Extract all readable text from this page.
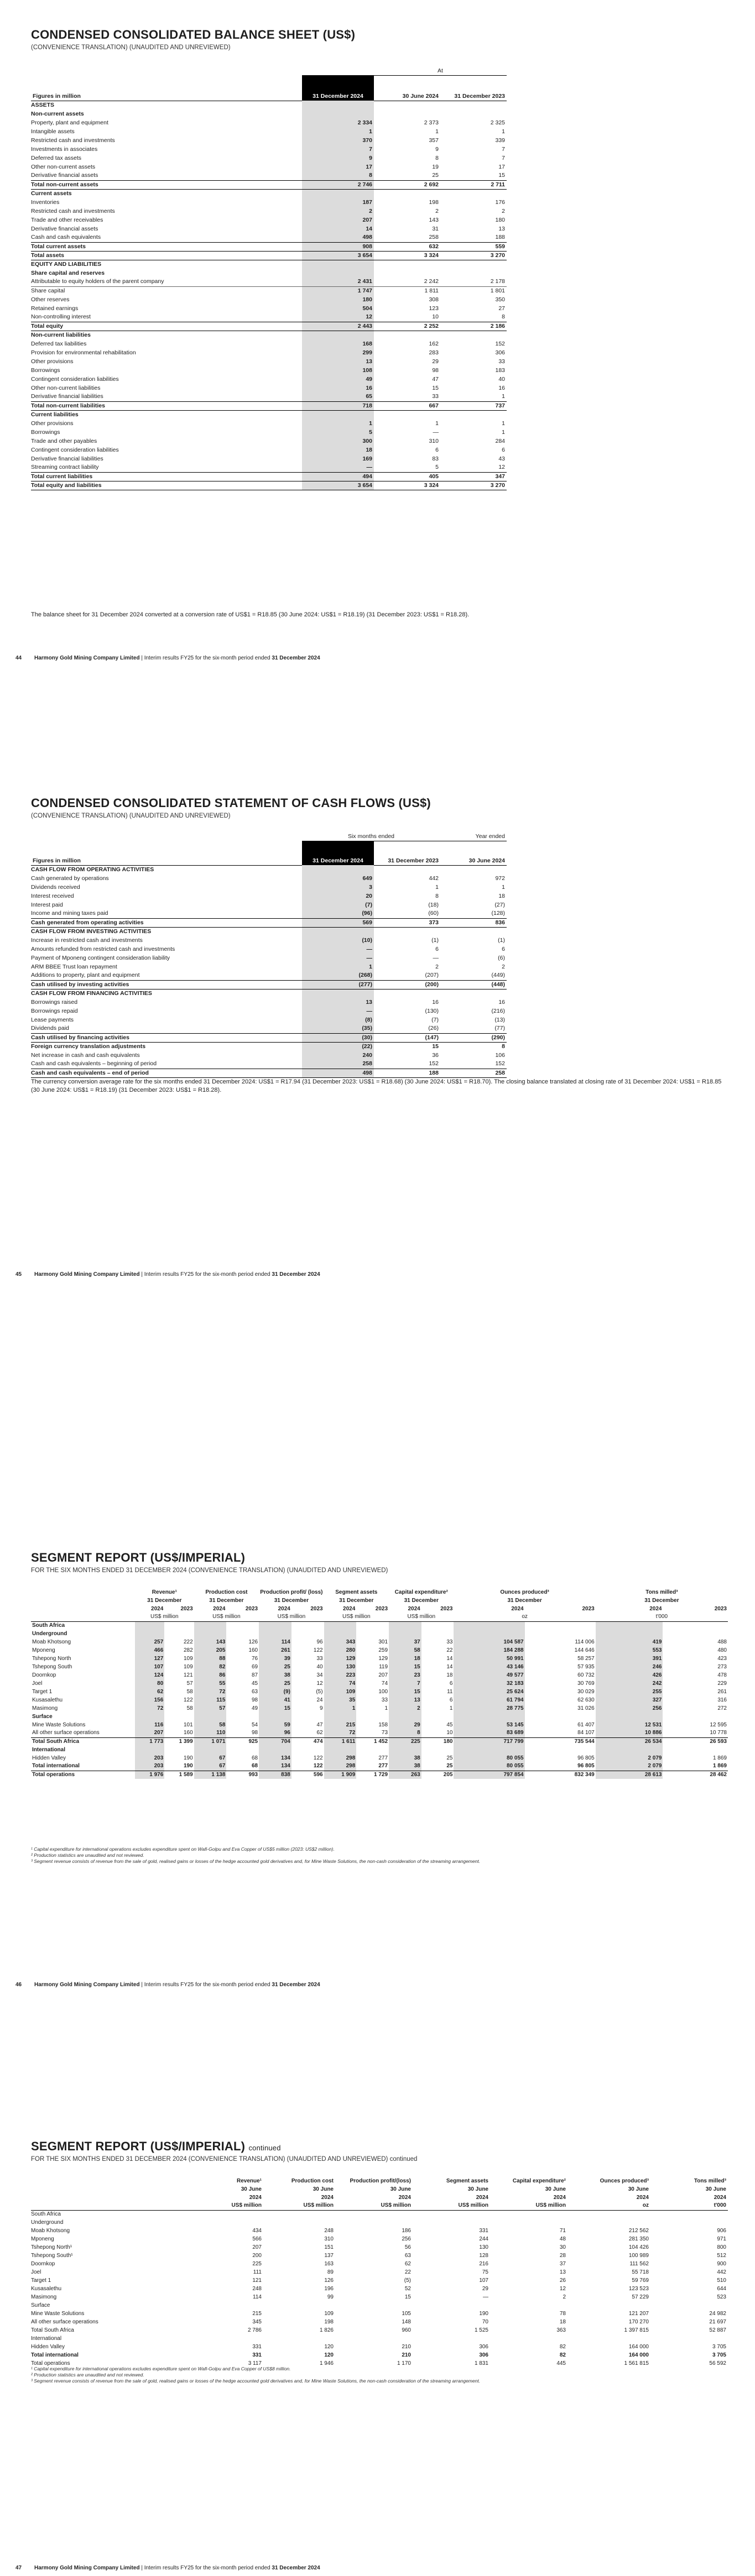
CONDENSED CONSOLIDATED BALANCE SHEET (US$)
(CONVENIENCE TRANSLATION) (UNAUDITED AND UNREVIEWED)
		At	
Figures in million	31 December 2024	30 June 2024	31 December 2023
ASSETS			
Non-current assets			
Property, plant and equipment	2 334	2 373	2 325
Intangible assets	1	1	1
Restricted cash and investments	370	357	339
Investments in associates	7	9	7
Deferred tax assets	9	8	7
Other non-current assets	17	19	17
Derivative financial assets	8	25	15
Total non-current assets	2 746	2 692	2 711
Current assets			
Inventories	187	198	176
Restricted cash and investments	2	2	2
Trade and other receivables	207	143	180
Derivative financial assets	14	31	13
Cash and cash equivalents	498	258	188
Total current assets	908	632	559
Total assets	3 654	3 324	3 270
EQUITY AND LIABILITIES			
Share capital and reserves			
Attributable to equity holders of the parent company	2 431	2 242	2 178
Share capital	1 747	1 811	1 801
Other reserves	180	308	350
Retained earnings	504	123	27
Non-controlling interest	12	10	8
Total equity	2 443	2 252	2 186
Non-current liabilities			
Deferred tax liabilities	168	162	152
Provision for environmental rehabilitation	299	283	306
Other provisions	13	29	33
Borrowings	108	98	183
Contingent consideration liabilities	49	47	40
Other non-current liabilities	16	15	16
Derivative financial liabilities	65	33	1
Total non-current liabilities	718	667	737
Current liabilities			
Other provisions	1	1	1
Borrowings	5	—	1
Trade and other payables	300	310	284
Contingent consideration liabilities	18	6	6
Derivative financial liabilities	169	83	43
Streaming contract liability	—	5	12
Total current liabilities	494	405	347
Total equity and liabilities	3 654	3 324	3 270
The balance sheet for 31 December 2024 converted at a conversion rate of US$1 = R18.85 (30 June 2024: US$1 = R18.19) (31 December 2023: US$1 = R18.28).
44 Harmony Gold Mining Company Limited | Interim results FY25 for the six-month period ended 31 December 2024
CONDENSED CONSOLIDATED STATEMENT OF CASH FLOWS (US$)
(CONVENIENCE TRANSLATION) (UNAUDITED AND UNREVIEWED)
	Six months ended		Year ended
Figures in million	31 December 2024	31 December 2023	30 June 2024
CASH FLOW FROM OPERATING ACTIVITIES			
Cash generated by operations	649	442	972
Dividends received	3	1	1
Interest received	20	8	18
Interest paid	(7)	(18)	(27)
Income and mining taxes paid	(96)	(60)	(128)
Cash generated from operating activities	569	373	836
CASH FLOW FROM INVESTING ACTIVITIES			
Increase in restricted cash and investments	(10)	(1)	(1)
Amounts refunded from restricted cash and investments	—	6	6
Payment of Mponeng contingent consideration liability	—	—	(6)
ARM BBEE Trust loan repayment	1	2	2
Additions to property, plant and equipment	(268)	(207)	(449)
Cash utilised by investing activities	(277)	(200)	(448)
CASH FLOW FROM FINANCING ACTIVITIES			
Borrowings raised	13	16	16
Borrowings repaid	—	(130)	(216)
Lease payments	(8)	(7)	(13)
Dividends paid	(35)	(26)	(77)
Cash utilised by financing activities	(30)	(147)	(290)
Foreign currency translation adjustments	(22)	15	8
Net increase in cash and cash equivalents	240	36	106
Cash and cash equivalents – beginning of period	258	152	152
Cash and cash equivalents – end of period	498	188	258
The currency conversion average rate for the six months ended 31 December 2024: US$1 = R17.94 (31 December 2023: US$1 = R18.68) (30 June 2024: US$1 = R18.70). The closing balance translated at closing rate of 31 December 2024: US$1 = R18.85 (30 June 2024: US$1 = R18.19) (31 December 2023: US$1 = R18.28).
45 Harmony Gold Mining Company Limited | Interim results FY25 for the six-month period ended 31 December 2024
SEGMENT REPORT (US$/IMPERIAL)
FOR THE SIX MONTHS ENDED 31 DECEMBER 2024 (CONVENIENCE TRANSLATION) (UNAUDITED AND UNREVIEWED)
	Revenue¹		Production cost		Production profit/ (loss)		Segment assets		Capital expenditure²		Ounces produced³		Tons milled³	
	31 December		31 December		31 December		31 December		31 December		31 December		31 December	
	2024	2023	2024	2023	2024	2023	2024	2023	2024	2023	2024	2023	2024	2023
	US$ million		US$ million		US$ million		US$ million		US$ million		oz		t'000	
South Africa														
Underground														
Moab Khotsong	257	222	143	126	114	96	343	301	37	33	104 587	114 006	419	488
Mponeng	466	282	205	160	261	122	280	259	58	22	184 288	144 646	553	480
Tshepong North	127	109	88	76	39	33	129	129	18	14	50 991	58 257	391	423
Tshepong South	107	109	82	69	25	40	130	119	15	14	43 146	57 935	246	273
Doornkop	124	121	86	87	38	34	223	207	23	18	49 577	60 732	426	478
Joel	80	57	55	45	25	12	74	74	7	6	32 183	30 769	242	229
Target 1	62	58	72	63	(9)	(5)	109	100	15	11	25 624	30 029	255	261
Kusasalethu	156	122	115	98	41	24	35	33	13	6	61 794	62 630	327	316
Masimong	72	58	57	49	15	9	1	1	2	1	28 775	31 026	256	272
Surface														
Mine Waste Solutions	116	101	58	54	59	47	215	158	29	45	53 145	61 407	12 531	12 595
All other surface operations	207	160	110	98	96	62	72	73	8	10	83 689	84 107	10 886	10 778
Total South Africa	1 773	1 399	1 071	925	704	474	1 611	1 452	225	180	717 799	735 544	26 534	26 593
International														
Hidden Valley	203	190	67	68	134	122	298	277	38	25	80 055	96 805	2 079	1 869
Total international	203	190	67	68	134	122	298	277	38	25	80 055	96 805	2 079	1 869
Total operations	1 976	1 589	1 138	993	838	596	1 909	1 729	263	205	797 854	832 349	28 613	28 462
¹ Capital expenditure for international operations excludes expenditure spent on Wafi-Golpu and Eva Copper of US$5 million (2023: US$2 million).
² Production statistics are unaudited and not reviewed.
³ Segment revenue consists of revenue from the sale of gold, realised gains or losses of the hedge accounted gold derivatives and, for Mine Waste Solutions, the non-cash consideration of the streaming arrangement.
46 Harmony Gold Mining Company Limited | Interim results FY25 for the six-month period ended 31 December 2024
SEGMENT REPORT (US$/IMPERIAL) continued
FOR THE SIX MONTHS ENDED 31 DECEMBER 2024 (CONVENIENCE TRANSLATION) (UNAUDITED AND UNREVIEWED) continued
	Revenue¹	Production cost	Production profit/(loss)	Segment assets	Capital expenditure²	Ounces produced³	Tons milled³
	30 June	30 June	30 June	30 June	30 June	30 June	30 June
	2024	2024	2024	2024	2024	2024	2024
	US$ million	US$ million	US$ million	US$ million	US$ million	oz	t'000
South Africa							
Underground							
Moab Khotsong	434	248	186	331	71	212 562	906
Mponeng	566	310	256	244	48	281 350	971
Tshepong North¹	207	151	56	130	30	104 426	800
Tshepong South¹	200	137	63	128	28	100 989	512
Doornkop	225	163	62	216	37	111 562	900
Joel	111	89	22	75	13	55 718	442
Target 1	121	126	(5)	107	26	59 769	510
Kusasalethu	248	196	52	29	12	123 523	644
Masimong	114	99	15	—	2	57 229	523
Surface							
Mine Waste Solutions	215	109	105	190	78	121 207	24 982
All other surface operations	345	198	148	70	18	170 270	21 697
Total South Africa	2 786	1 826	960	1 525	363	1 397 815	52 887
International							
Hidden Valley	331	120	210	306	82	164 000	3 705
Total international	331	120	210	306	82	164 000	3 705
Total operations	3 117	1 946	1 170	1 831	445	1 561 815	56 592
¹ Capital expenditure for international operations excludes expenditure spent on Wafi-Golpu and Eva Copper of US$8 million.
² Production statistics are unaudited and not reviewed.
³ Segment revenue consists of revenue from the sale of gold, realised gains or losses of the hedge accounted gold derivatives and, for Mine Waste Solutions, the non-cash consideration of the streaming arrangement.
47 Harmony Gold Mining Company Limited | Interim results FY25 for the six-month period ended 31 December 2024
